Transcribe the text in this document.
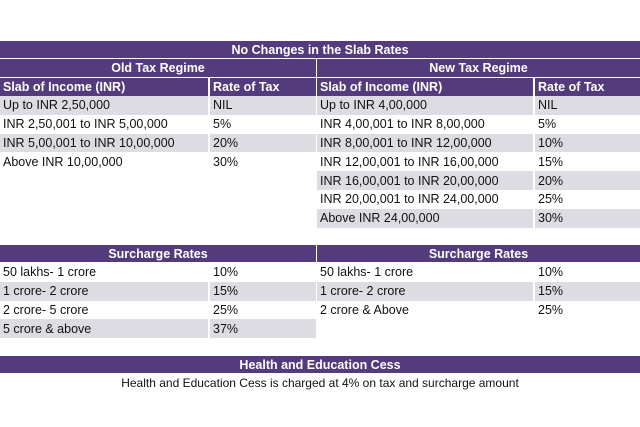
No Changes in the Slab Rates
Old Tax Regime
Slab of Income (INR)	Rate of Tax
Up to INR 2,50,000	NIL
INR 2,50,001 to INR 5,00,000	5%
INR 5,00,001 to INR 10,00,000	20%
Above INR 10,00,000	30%
New Tax Regime
Slab of Income (INR)	Rate of Tax
Up to INR 4,00,000	NIL
INR 4,00,001 to INR 8,00,000	5%
INR 8,00,001 to INR 12,00,000	10%
INR 12,00,001 to INR 16,00,000	15%
INR 16,00,001 to INR 20,00,000	20%
INR 20,00,001 to INR 24,00,000	25%
Above INR 24,00,000	30%
Surcharge Rates
50 lakhs- 1 crore	10%
1 crore- 2 crore	15%
2 crore- 5 crore	25%
5 crore & above	37%
Surcharge Rates
50 lakhs- 1 crore	10%
1 crore- 2 crore	15%
2 crore & Above	25%
Health and Education Cess
Health and Education Cess is charged at 4% on tax and surcharge amount
